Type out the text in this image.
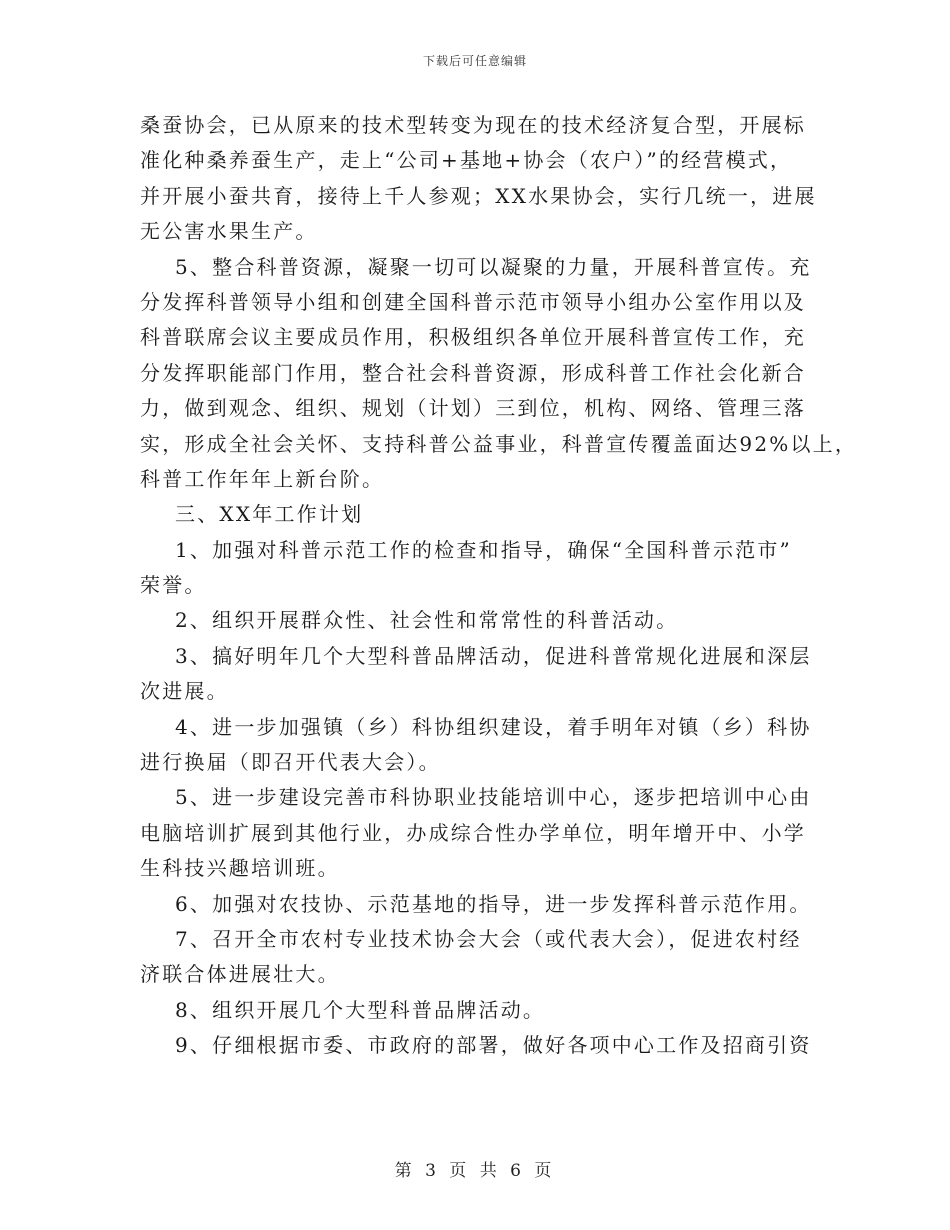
下载后可任意编辑
桑蚕协会，已从原来的技术型转变为现在的技术经济复合型，开展标
准化种桑养蚕生产，走上“公司+基地+协会（农户）”的经营模式，
并开展小蚕共育，接待上千人参观；XX水果协会，实行几统一，进展
无公害水果生产。
5、整合科普资源，凝聚一切可以凝聚的力量，开展科普宣传。充
分发挥科普领导小组和创建全国科普示范市领导小组办公室作用以及
科普联席会议主要成员作用，积极组织各单位开展科普宣传工作，充
分发挥职能部门作用，整合社会科普资源，形成科普工作社会化新合
力，做到观念、组织、规划（计划）三到位，机构、网络、管理三落
实，形成全社会关怀、支持科普公益事业，科普宣传覆盖面达92%以上，
科普工作年年上新台阶。
三、XX年工作计划
1、加强对科普示范工作的检查和指导，确保“全国科普示范市”
荣誉。
2、组织开展群众性、社会性和常常性的科普活动。
3、搞好明年几个大型科普品牌活动，促进科普常规化进展和深层
次进展。
4、进一步加强镇（乡）科协组织建设，着手明年对镇（乡）科协
进行换届（即召开代表大会）。
5、进一步建设完善市科协职业技能培训中心，逐步把培训中心由
电脑培训扩展到其他行业，办成综合性办学单位，明年增开中、小学
生科技兴趣培训班。
6、加强对农技协、示范基地的指导，进一步发挥科普示范作用。
7、召开全市农村专业技术协会大会（或代表大会），促进农村经
济联合体进展壮大。
8、组织开展几个大型科普品牌活动。
9、仔细根据市委、市政府的部署，做好各项中心工作及招商引资
第 3 页 共 6 页
